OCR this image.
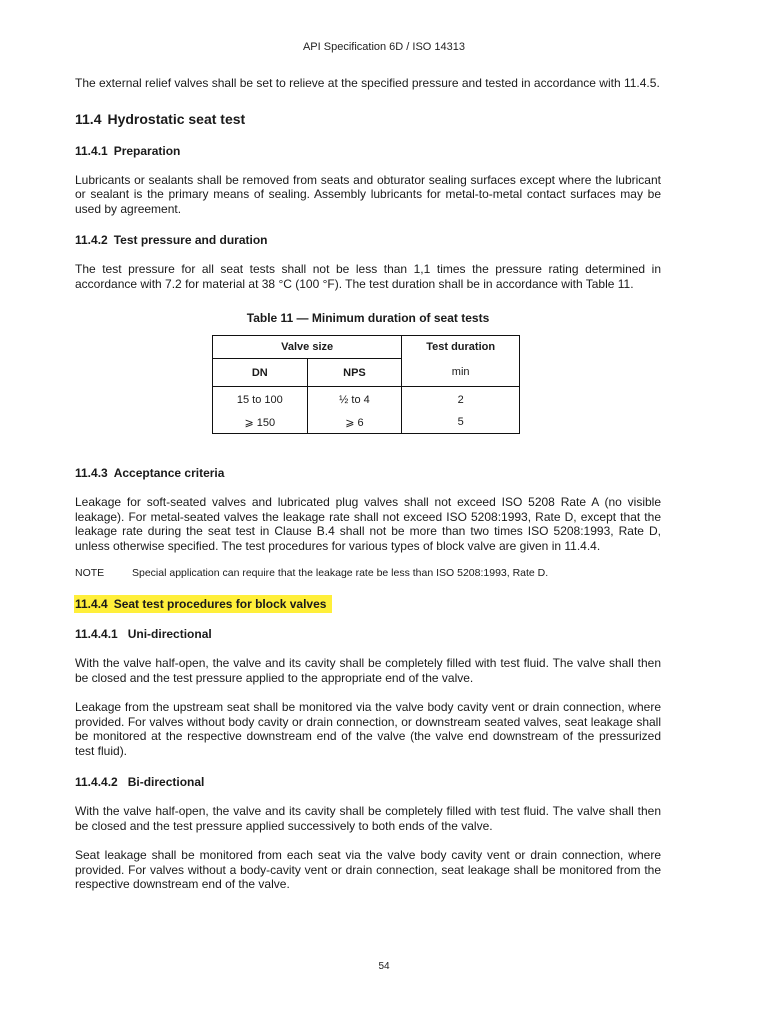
API Specification 6D / ISO 14313

The external relief valves shall be set to relieve at the specified pressure and tested in accordance with 11.4.5.

11.4 Hydrostatic seat test
11.4.1 Preparation

Lubricants or sealants shall be removed from seats and obturator sealing surfaces except where the lubricant or sealant is the primary means of sealing. Assembly lubricants for metal-to-metal contact surfaces may be used by agreement.

11.4.2 Test pressure and duration

The test pressure for all seat tests shall not be less than 1,1 times the pressure rating determined in accordance with 7.2 for material at 38 °C (100 °F). The test duration shall be in accordance with Table 11.

Table 11 — Minimum duration of seat tests
Valve size		Test duration
DN	NPS	min
15 to 100	½ to 4	2
⩾ 150	⩾ 6	5
11.4.3 Acceptance criteria

Leakage for soft-seated valves and lubricated plug valves shall not exceed ISO 5208 Rate A (no visible leakage). For metal-seated valves the leakage rate shall not exceed ISO 5208:1993, Rate D, except that the leakage rate during the seat test in Clause B.4 shall not be more than two times ISO 5208:1993, Rate D, unless otherwise specified. The test procedures for various types of block valve are given in 11.4.4.

NOTE	Special application can require that the leakage rate be less than ISO 5208:1993, Rate D.
11.4.4 Seat test procedures for block valves
11.4.4.1 Uni-directional

With the valve half-open, the valve and its cavity shall be completely filled with test fluid. The valve shall then be closed and the test pressure applied to the appropriate end of the valve.

Leakage from the upstream seat shall be monitored via the valve body cavity vent or drain connection, where provided. For valves without body cavity or drain connection, or downstream seated valves, seat leakage shall be monitored at the respective downstream end of the valve (the valve end downstream of the pressurized test fluid).

11.4.4.2 Bi-directional

With the valve half-open, the valve and its cavity shall be completely filled with test fluid. The valve shall then be closed and the test pressure applied successively to both ends of the valve.

Seat leakage shall be monitored from each seat via the valve body cavity vent or drain connection, where provided. For valves without a body-cavity vent or drain connection, seat leakage shall be monitored from the respective downstream end of the valve.

54
